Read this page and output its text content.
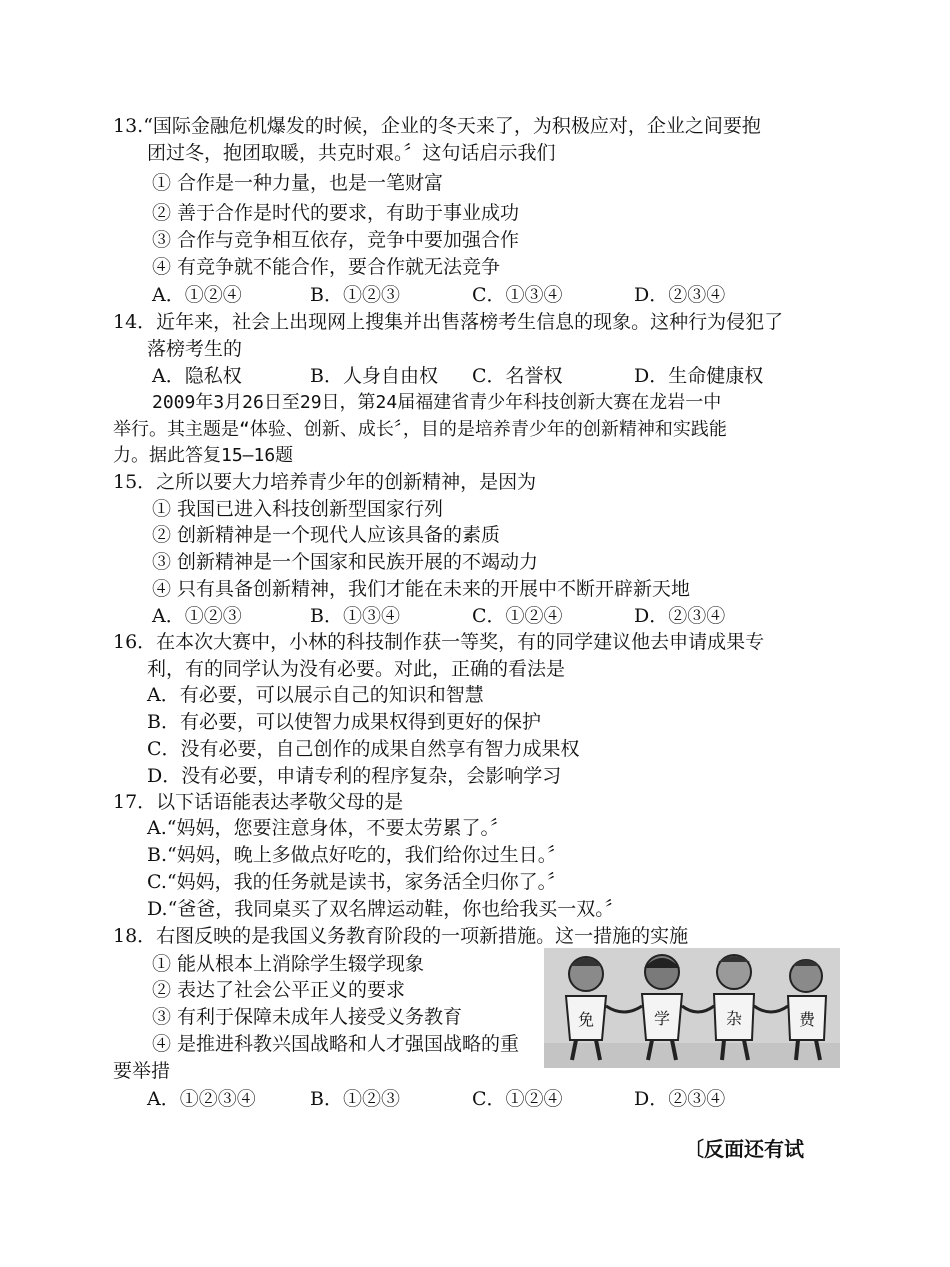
13.“国际金融危机爆发的时候，企业的冬天来了，为积极应对，企业之间要抱
团过冬，抱团取暖，共克时艰。〞这句话启示我们
① 合作是一种力量，也是一笔财富
② 善于合作是时代的要求，有助于事业成功
③ 合作与竞争相互依存，竞争中要加强合作
④ 有竞争就不能合作，要合作就无法竞争
A．①②④	B．①②③	C．①③④	D．②③④
14．近年来，社会上出现网上搜集并出售落榜考生信息的现象。这种行为侵犯了
落榜考生的
A．隐私权	B．人身自由权 C．名誉权	D．生命健康权
2009年3月26日至29日，第24届福建省青少年科技创新大赛在龙岩一中
举行。其主题是“体验、创新、成长〞，目的是培养青少年的创新精神和实践能
力。据此答复15—16题
15．之所以要大力培养青少年的创新精神，是因为
① 我国已进入科技创新型国家行列
② 创新精神是一个现代人应该具备的素质
③ 创新精神是一个国家和民族开展的不竭动力
④ 只有具备创新精神，我们才能在未来的开展中不断开辟新天地
A．①②③	B．①③④	C．①②④	D．②③④
16．在本次大赛中，小林的科技制作获一等奖，有的同学建议他去申请成果专
利，有的同学认为没有必要。对此，正确的看法是
A．有必要，可以展示自己的知识和智慧
B．有必要，可以使智力成果权得到更好的保护
C．没有必要，自己创作的成果自然享有智力成果权
D．没有必要，申请专利的程序复杂，会影响学习
17．以下话语能表达孝敬父母的是
A.“妈妈，您要注意身体，不要太劳累了。〞
B.“妈妈，晚上多做点好吃的，我们给你过生日。〞
C.“妈妈，我的任务就是读书，家务活全归你了。〞
D.“爸爸，我同桌买了双名牌运动鞋，你也给我买一双。〞
18．右图反映的是我国义务教育阶段的一项新措施。这一措施的实施
① 能从根本上消除学生辍学现象
② 表达了社会公平正义的要求
③ 有利于保障未成年人接受义务教育
④ 是推进科教兴国战略和人才强国战略的重
要举措
A．①②③④	B．①②③	C．①②④	D．②③④
免	学	杂	费
〔反面还有试
